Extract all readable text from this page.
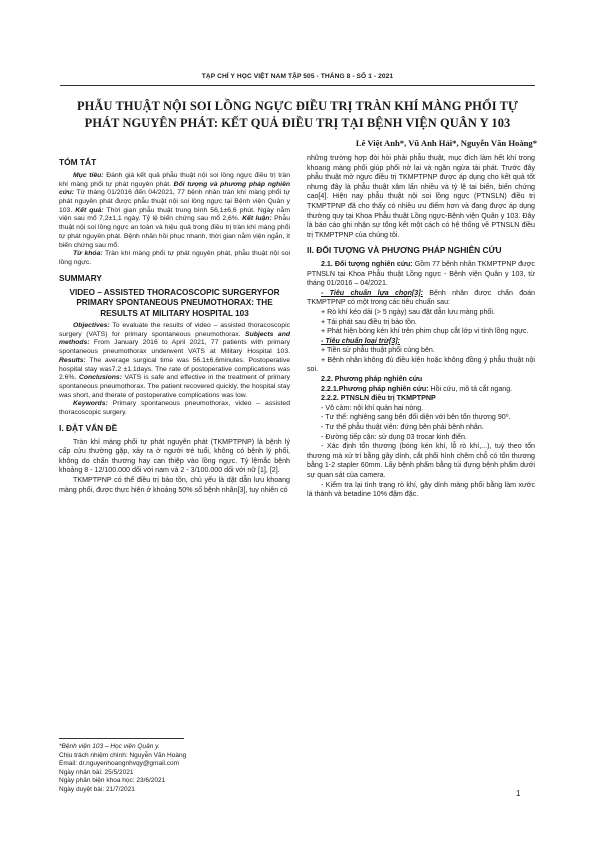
TẠP CHÍ Y HỌC VIỆT NAM TẬP 505 - THÁNG 8 - SỐ 1 - 2021
PHẪU THUẬT NỘI SOI LỒNG NGỰC ĐIỀU TRỊ TRÀN KHÍ MÀNG PHỔI TỰ PHÁT NGUYÊN PHÁT: KẾT QUẢ ĐIỀU TRỊ TẠI BỆNH VIỆN QUÂN Y 103
Lê Việt Anh*, Vũ Anh Hải*, Nguyễn Văn Hoàng*

TÓM TẮT

Mục tiêu: Đánh giá kết quả phẫu thuật nội soi lồng ngực điều trị tràn khí màng phổi tự phát nguyên phát. Đối tượng và phương pháp nghiên cứu: Từ tháng 01/2016 đến 04/2021, 77 bệnh nhân tràn khí màng phổi tự phát nguyên phát được phẫu thuật nội soi lồng ngực tại Bệnh viện Quân y 103. Kết quả: Thời gian phẫu thuật trung bình 56,1±6,6 phút. Ngày nằm viện sau mổ 7,2±1,1 ngày. Tỷ lệ biến chứng sau mổ 2,6%. Kết luận: Phẫu thuật nội soi lồng ngực an toàn và hiệu quả trong điều trị tràn khí màng phổi tự phát nguyên phát. Bệnh nhân hồi phục nhanh, thời gian nằm viện ngắn, ít biến chứng sau mổ.

Từ khóa: Tràn khí màng phổi tự phát nguyên phát, phẫu thuật nội soi lồng ngực.

SUMMARY

VIDEO – ASSISTED THORACOSCOPIC SURGERYFOR PRIMARY SPONTANEOUS PNEUMOTHORAX: THE RESULTS AT MILITARY HOSPITAL 103

Objectives: To evaluate the results of video – assisted thoracoscopic surgery (VATS) for primary spontaneous pneumothorax. Subjects and methods: From January 2016 to April 2021, 77 patients with primary spontaneous pneumothorax underwent VATS at Military Hospital 103. Results: The average surgical time was 56.1±6.6minutes. Postoperative hospital stay was7.2 ±1.1days. The rate of postoperative complications was 2.6%. Conclusions: VATS is safe and effective in the treatment of primary spontaneous pneumothorax. The patient recovered quickly, the hospital stay was short, and therate of postoperative complications was low.

Keywords: Primary spontaneous pneumothorax, video – assisted thoracoscopic surgery.

I. ĐẶT VẤN ĐỀ

Tràn khí màng phổi tự phát nguyên phát (TKMPTPNP) là bệnh lý cấp cứu thường gặp, xảy ra ở người trẻ tuổi, không có bệnh lý phổi, không do chấn thương hay can thiệp vào lồng ngực. Tỷ lệmắc bệnh khoảng 8 - 12/100.000 dối với nam và 2 - 3/100.000 dối với nữ [1], [2].

TKMPTPNP có thể điều trị bảo tồn, chủ yếu là dặt dẫn lưu khoang màng phổi, được thực hiện ở khoảng 50% số bệnh nhân[3], tuy nhiên có

*Bệnh viện 103 – Học viện Quân y.
Chịu trách nhiệm chính: Nguyễn Văn Hoàng
Email: dr.nguyenhoangnhvqy@gmail.com
Ngày nhận bài: 25/5/2021
Ngày phản biện khoa học: 23/6/2021
Ngày duyệt bài: 21/7/2021

những trường hợp đòi hỏi phải phẫu thuật, mục đích làm hết khí trong khoang màng phổi giúp phổi nở lại và ngăn ngừa tái phát. Trước đây phẫu thuật mở ngực điều trị TKMPTPNP được áp dụng cho kết quả tốt nhưng đây là phẫu thuật xâm lấn nhiều và tỷ lệ tai biến, biến chứng cao[4]. Hiện nay phẫu thuật nội soi lồng ngực (PTNSLN) điều trị TKMPTPNP đã cho thấy có nhiều ưu điểm hơn và đang được áp dụng thường quy tại Khoa Phẫu thuật Lồng ngực-Bệnh viện Quân y 103. Đây là báo cáo ghi nhận sự tổng kết một cách có hệ thống về PTNSLN điều trị TKMPTPNP của chúng tôi.

II. ĐỐI TƯỢNG VÀ PHƯƠNG PHÁP NGHIÊN CỨU

2.1. Đối tượng nghiên cứu: Gồm 77 bệnh nhân TKMPTPNP được PTNSLN tại Khoa Phẫu thuật Lồng ngực - Bệnh viện Quân y 103, từ tháng 01/2016 – 04/2021.

- Tiêu chuẩn lựa chọn[3]: Bệnh nhân được chẩn đoán TKMPTPNP có một trong các tiêu chuẩn sau:

+ Rò khí kéo dài (> 5 ngày) sau đặt dẫn lưu màng phổi.

+ Tái phát sau điều trị bảo tồn.

+ Phát hiện bóng kén khí trên phim chụp cắt lớp vi tính lồng ngực.

- Tiêu chuẩn loại trừ[3]:

+ Tiền sử phẫu thuật phổi cùng bên.

+ Bệnh nhân không đủ điều kiện hoặc không đồng ý phẫu thuật nội soi.

2.2. Phương pháp nghiên cứu

2.2.1.Phương pháp nghiên cứu: Hồi cứu, mô tả cắt ngang.

2.2.2. PTNSLN điều trị TKMPTPNP

- Vô cảm: nội khí quản hai nòng.

- Tư thế: nghiêng sang bên đối diện với bên tổn thương 90⁰.

- Tư thế phẫu thuật viên: đứng bên phải bệnh nhân.

- Đường tiếp cận: sử dụng 03 trocar kinh điển.

- Xác định tổn thương (bóng kén khí, lỗ rò khí,...), tuỳ theo tổn thương mà xử trí bằng gây dính, cắt phổi hình chêm chỗ có tổn thương bằng 1-2 stapler 60mm. Lấy bệnh phẩm bằng túi đựng bệnh phẩm dưới sự quan sát của camera.

- Kiểm tra lại tình trạng rò khí, gây dính màng phổi bằng làm xước lá thành và betadine 10% đậm đặc.

1
